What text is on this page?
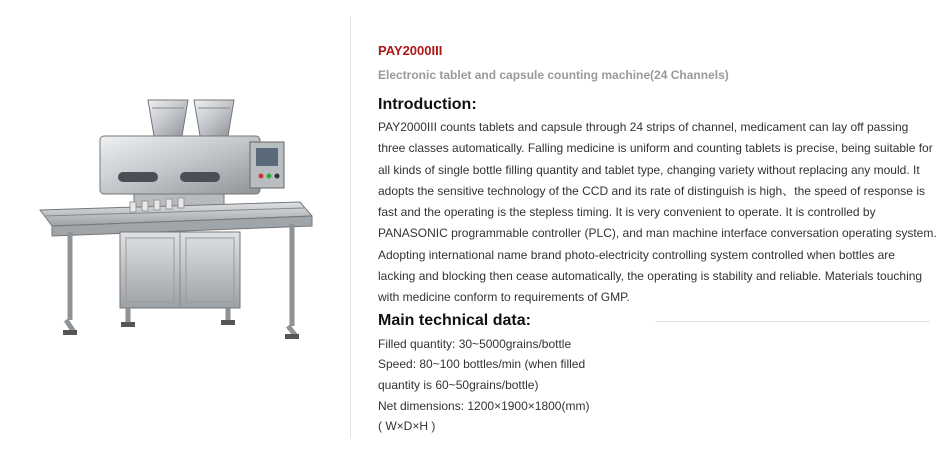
PAY2000III
Electronic tablet and capsule counting machine(24 Channels)
Introduction:
PAY2000III counts tablets and capsule through 24 strips of channel, medicament can lay off passing
three classes automatically. Falling medicine is uniform and counting tablets is precise, being suitable for
all kinds of single bottle filling quantity and tablet type, changing variety without replacing any mould. It
adopts the sensitive technology of the CCD and its rate of distinguish is high、the speed of response is
fast and the operating is the stepless timing. It is very convenient to operate. It is controlled by
PANASONIC programmable controller (PLC), and man machine interface conversation operating system.
Adopting international name brand photo-electricity controlling system controlled when bottles are
lacking and blocking then cease automatically, the operating is stability and reliable. Materials touching
with medicine conform to requirements of GMP.
Main technical data:
Filled quantity: 30~5000grains/bottle
Speed: 80~100 bottles/min (when filled
quantity is 60~50grains/bottle)
Net dimensions: 1200×1900×1800(mm)
( W×D×H )
